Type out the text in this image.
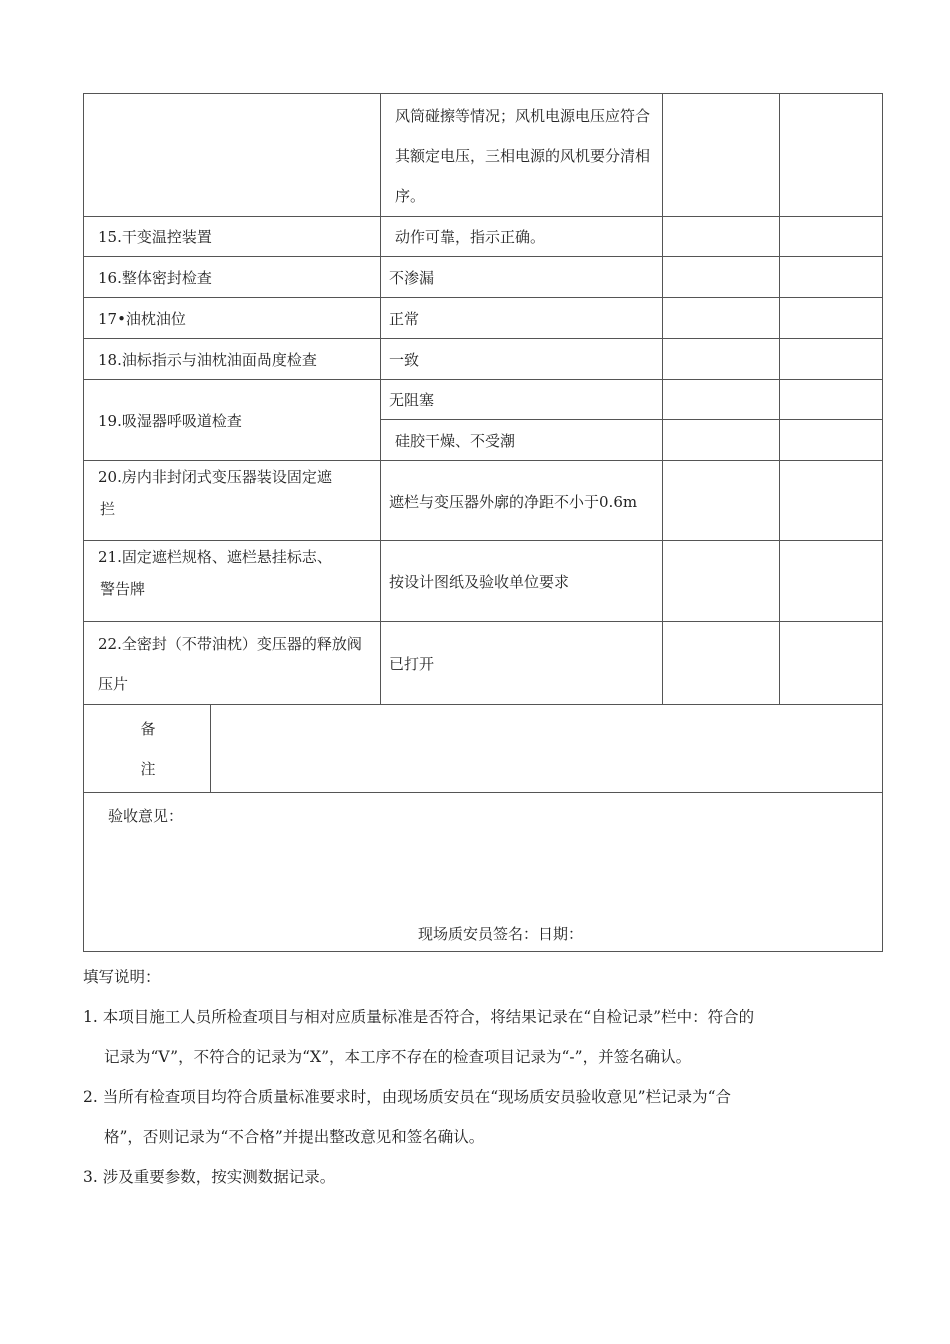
		风筒碰擦等情况；风机电源电压应符合其额定电压，三相电源的风机要分清相序。		
15.干变温控装置		动作可靠，指示正确。		
16.整体密封检查		不渗漏		
17•油枕油位		正常		
18.油标指示与油枕油面咼度检查		一致		
19.吸湿器呼吸道检查		无阻塞		
		硅胶干燥、不受潮		

20.房内非封闭式变压器装设固定遮
拦		遮栏与变压器外廓的净距不小于0.6m		

21.固定遮栏规格、遮栏悬挂标志、
警告牌		按设计图纸及验收单位要求		
22.全密封（不带油枕）变压器的释放阀压片		已打开		

备
注				

验收意见：
现场质安员签名：日期：				

填写说明：

1. 本项目施工人员所检查项目与相对应质量标准是否符合，将结果记录在“自检记录”栏中：符合的

记录为“V”，不符合的记录为“X”，本工序不存在的检查项目记录为“-”，并签名确认。

2. 当所有检查项目均符合质量标准要求时，由现场质安员在“现场质安员验收意见”栏记录为“合

格”，否则记录为“不合格”并提出整改意见和签名确认。

3. 涉及重要参数，按实测数据记录。
